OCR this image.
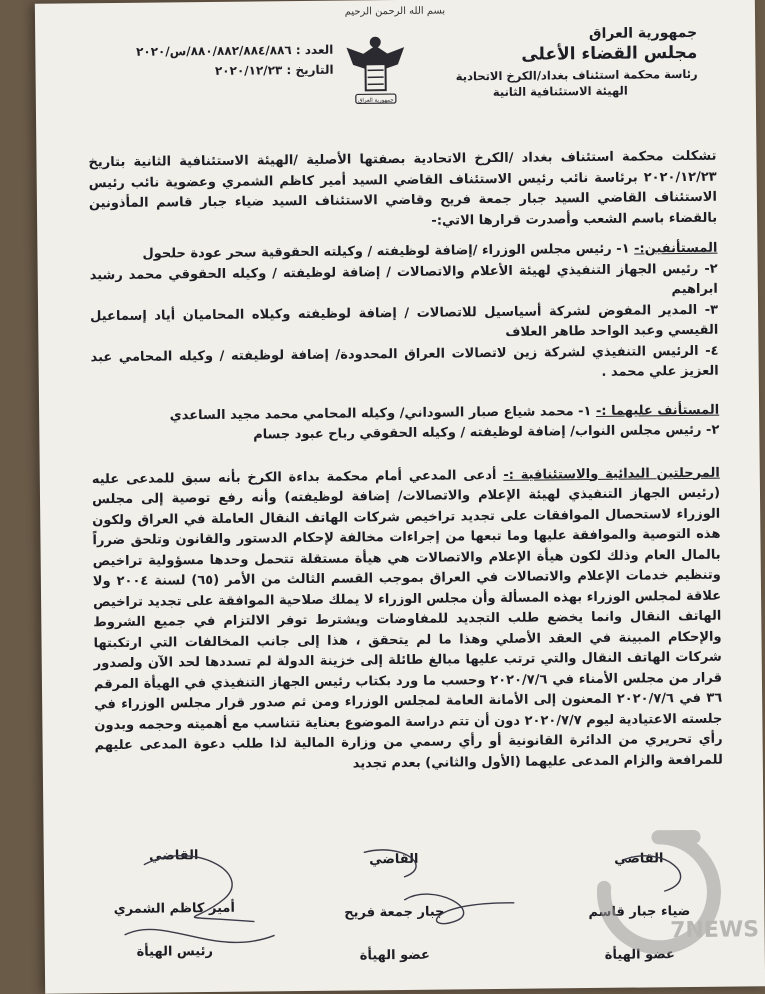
بسم الله الرحمن الرحيم
جمهورية العراق
مجلس القضاء الأعلى
رئاسة محكمة استئناف بغداد/الكرخ الاتحادية
الهيئة الاستئنافية الثانية
جمهورية العراق
العدد : ٨٨٠/٨٨٢/٨٨٤/٨٨٦/س/٢٠٢٠
التاريخ : ٢٠٢٠/١٢/٢٣

تشكلت محكمة استئناف بغداد /الكرخ الاتحادية بصفتها الأصلية /الهيئة الاستئنافية الثانية بتاريخ ٢٠٢٠/١٢/٢٣ برئاسة نائب رئيس الاستئناف القاضي السيد أمير كاظم الشمري وعضوية نائب رئيس الاستئناف القاضي السيد جبار جمعة فريح وقاضي الاستئناف السيد ضياء جبار قاسم المأذونين بالقضاء باسم الشعب وأصدرت قرارها الاتي:-

المستأنفين:- ١- رئيس مجلس الوزراء /إضافة لوظيفته / وكيلته الحقوقية سحر عودة حلحول

٢- رئيس الجهاز التنفيذي لهيئة الأعلام والاتصالات / إضافة لوظيفته / وكيله الحقوقي محمد رشيد ابراهيم

٣- المدير المفوض لشركة أسياسيل للاتصالات / إضافة لوظيفته وكيلاه المحاميان أياد إسماعيل القيسي وعبد الواحد طاهر العلاف

٤- الرئيس التنفيذي لشركة زين لاتصالات العراق المحدودة/ إضافة لوظيفته / وكيله المحامي عبد العزيز علي محمد .

المستأنف عليهما :- ١- محمد شياع صبار السوداني/ وكيله المحامي محمد مجيد الساعدي

٢- رئيس مجلس النواب/ إضافة لوظيفته / وكيله الحقوقي رباح عبود جسام

المرحلتين البدائية والاستئنافية :- أدعى المدعي أمام محكمة بداءة الكرخ بأنه سبق للمدعى عليه (رئيس الجهاز التنفيذي لهيئة الإعلام والاتصالات/ إضافة لوظيفته) وأنه رفع توصية إلى مجلس الوزراء لاستحصال الموافقات على تجديد تراخيص شركات الهاتف النقال العاملة في العراق ولكون هذه التوصية والموافقة عليها وما تبعها من إجراءات مخالفة لإحكام الدستور والقانون وتلحق ضرراً بالمال العام وذلك لكون هيأة الإعلام والاتصالات هي هيأة مستقلة تتحمل وحدها مسؤولية تراخيص وتنظيم خدمات الإعلام والاتصالات في العراق بموجب القسم الثالث من الأمر (٦٥) لسنة ٢٠٠٤ ولا علاقة لمجلس الوزراء بهذه المسألة وأن مجلس الوزراء لا يملك صلاحية الموافقة على تجديد تراخيص الهاتف النقال وانما يخضع طلب التجديد للمفاوضات ويشترط توفر الالتزام في جميع الشروط والإحكام المبينة في العقد الأصلي وهذا ما لم يتحقق ، هذا إلى جانب المخالفات التي ارتكبتها شركات الهاتف النقال والتي ترتب عليها مبالغ طائلة إلى خزينة الدولة لم تسددها لحد الآن ولصدور قرار من مجلس الأمناء في ٢٠٢٠/٧/٦ وحسب ما ورد بكتاب رئيس الجهاز التنفيذي في الهيأة المرقم ٣٦ في ٢٠٢٠/٧/٦ المعنون إلى الأمانة العامة لمجلس الوزراء ومن ثم صدور قرار مجلس الوزراء في جلسته الاعتيادية ليوم ٢٠٢٠/٧/٧ دون أن تتم دراسة الموضوع بعناية تتناسب مع أهميته وحجمه وبدون رأي تحريري من الدائرة القانونية أو رأي رسمي من وزارة المالية لذا طلب دعوة المدعى عليهم للمرافعة والزام المدعى عليهما (الأول والثاني) بعدم تجديد

القاضي
ضياء جبار قاسم
عضو الهيأة
القاضي
جبار جمعة فريح
عضو الهيأة
القاضي
أمير كاظم الشمري
رئيس الهيأة
7NEWS
